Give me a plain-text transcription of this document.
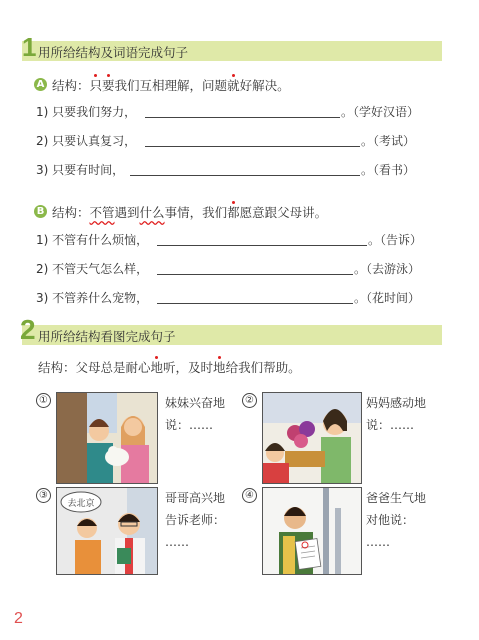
1 用所给结构及词语完成句子
A 结构：只要我们互相理解，问题就好解决。
1) 只要我们努力，	。（学好汉语）
2) 只要认真复习，	。（考试）
3) 只要有时间，	。（看书）
B 结构：不管遇到什么事情，我们都愿意跟父母讲。
1) 不管有什么烦恼，	。（告诉）
2) 不管天气怎么样，	。（去游泳）
3) 不管养什么宠物，	。（花时间）
2 用所给结构看图完成句子
结构：父母总是耐心地听，及时地给我们帮助。
①	妹妹兴奋地
说：……
②	妈妈感动地
说：……
③
去北京	哥哥高兴地
告诉老师：
……
④	爸爸生气地
对他说：
……
2
